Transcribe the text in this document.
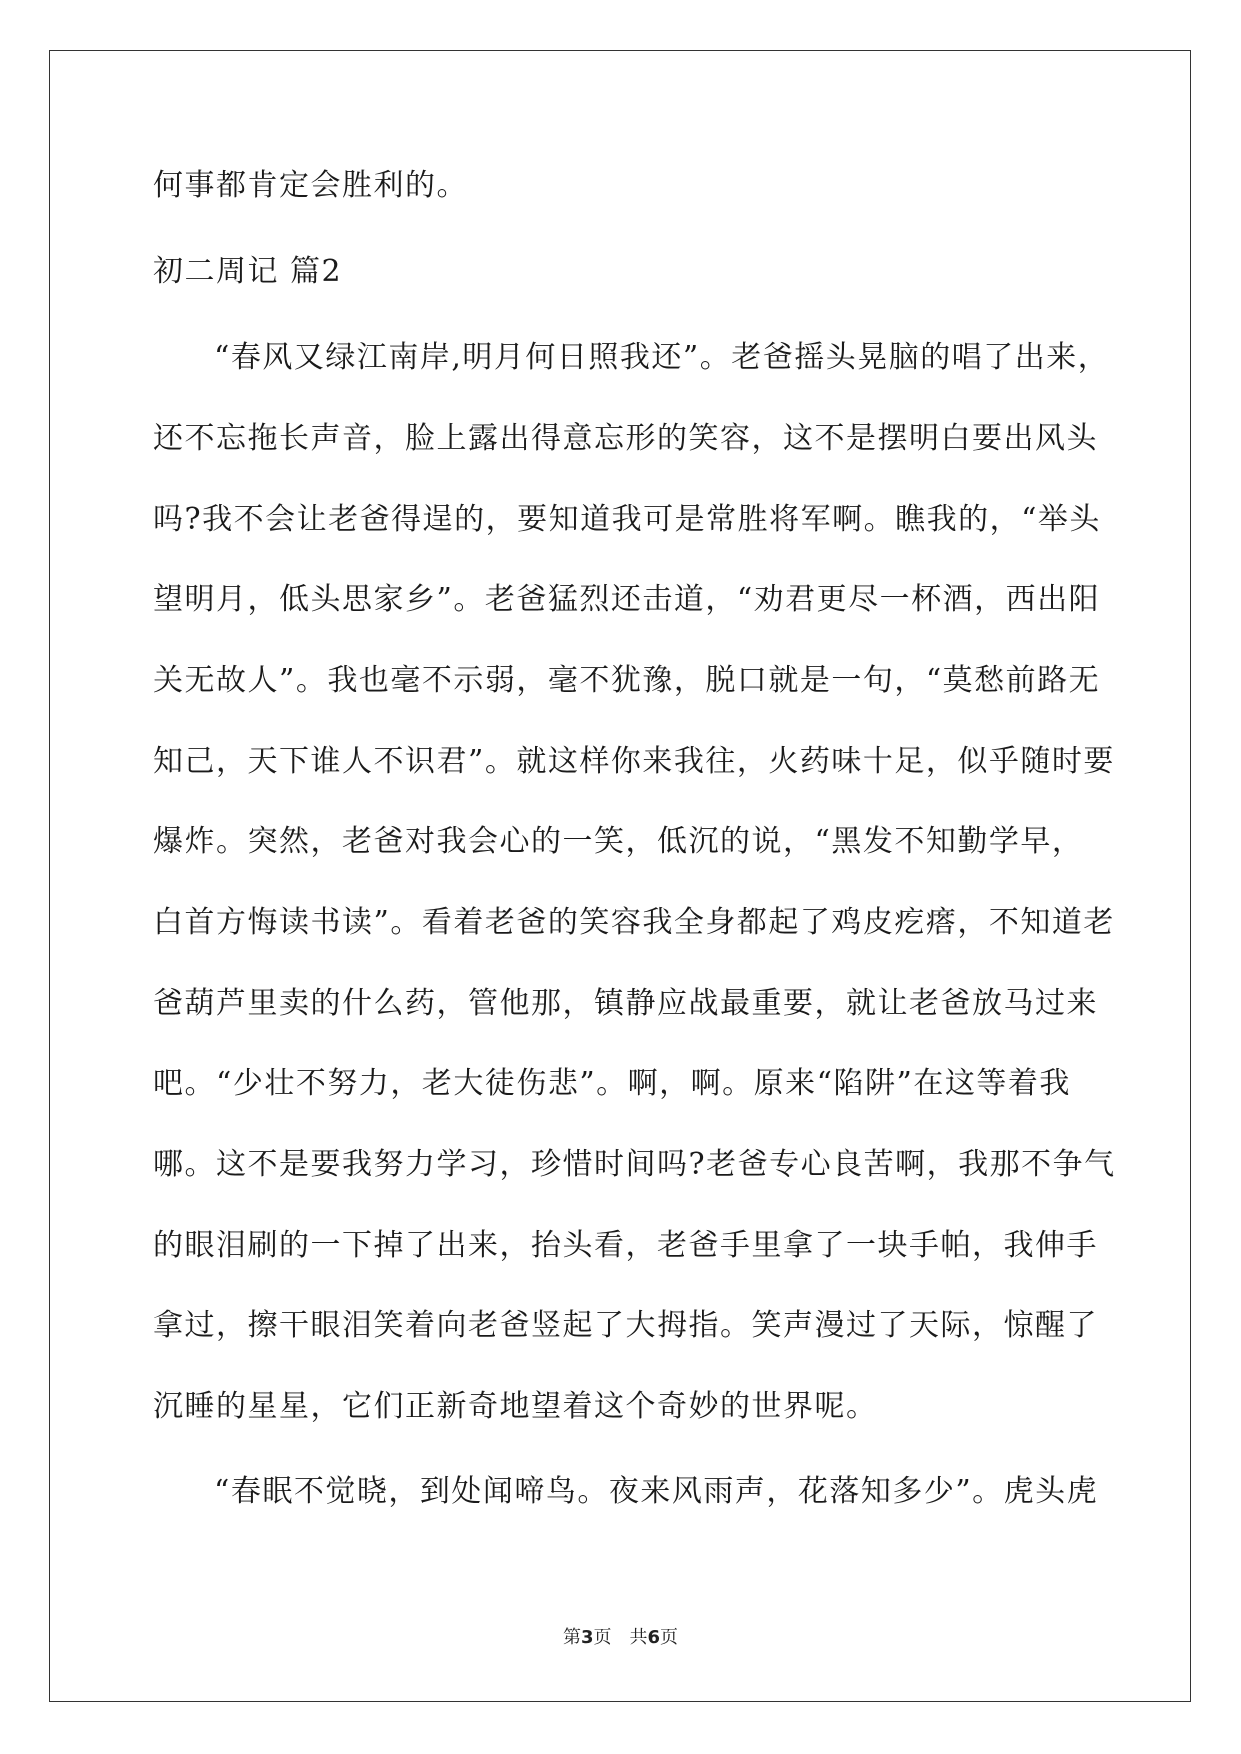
何事都肯定会胜利的。
初二周记 篇2
“春风又绿江南岸,明月何日照我还”。老爸摇头晃脑的唱了出来，
还不忘拖长声音，脸上露出得意忘形的笑容，这不是摆明白要出风头
吗?我不会让老爸得逞的，要知道我可是常胜将军啊。瞧我的，“举头
望明月，低头思家乡”。老爸猛烈还击道，“劝君更尽一杯酒，西出阳
关无故人”。我也毫不示弱，毫不犹豫，脱口就是一句，“莫愁前路无
知己，天下谁人不识君”。就这样你来我往，火药味十足，似乎随时要
爆炸。突然，老爸对我会心的一笑，低沉的说，“黑发不知勤学早，
白首方悔读书读”。看着老爸的笑容我全身都起了鸡皮疙瘩，不知道老
爸葫芦里卖的什么药，管他那，镇静应战最重要，就让老爸放马过来
吧。“少壮不努力，老大徒伤悲”。啊，啊。原来“陷阱”在这等着我
哪。这不是要我努力学习，珍惜时间吗?老爸专心良苦啊，我那不争气
的眼泪刷的一下掉了出来，抬头看，老爸手里拿了一块手帕，我伸手
拿过，擦干眼泪笑着向老爸竖起了大拇指。笑声漫过了天际，惊醒了
沉睡的星星，它们正新奇地望着这个奇妙的世界呢。
“春眠不觉晓，到处闻啼鸟。夜来风雨声，花落知多少”。虎头虎
第3页　共6页
